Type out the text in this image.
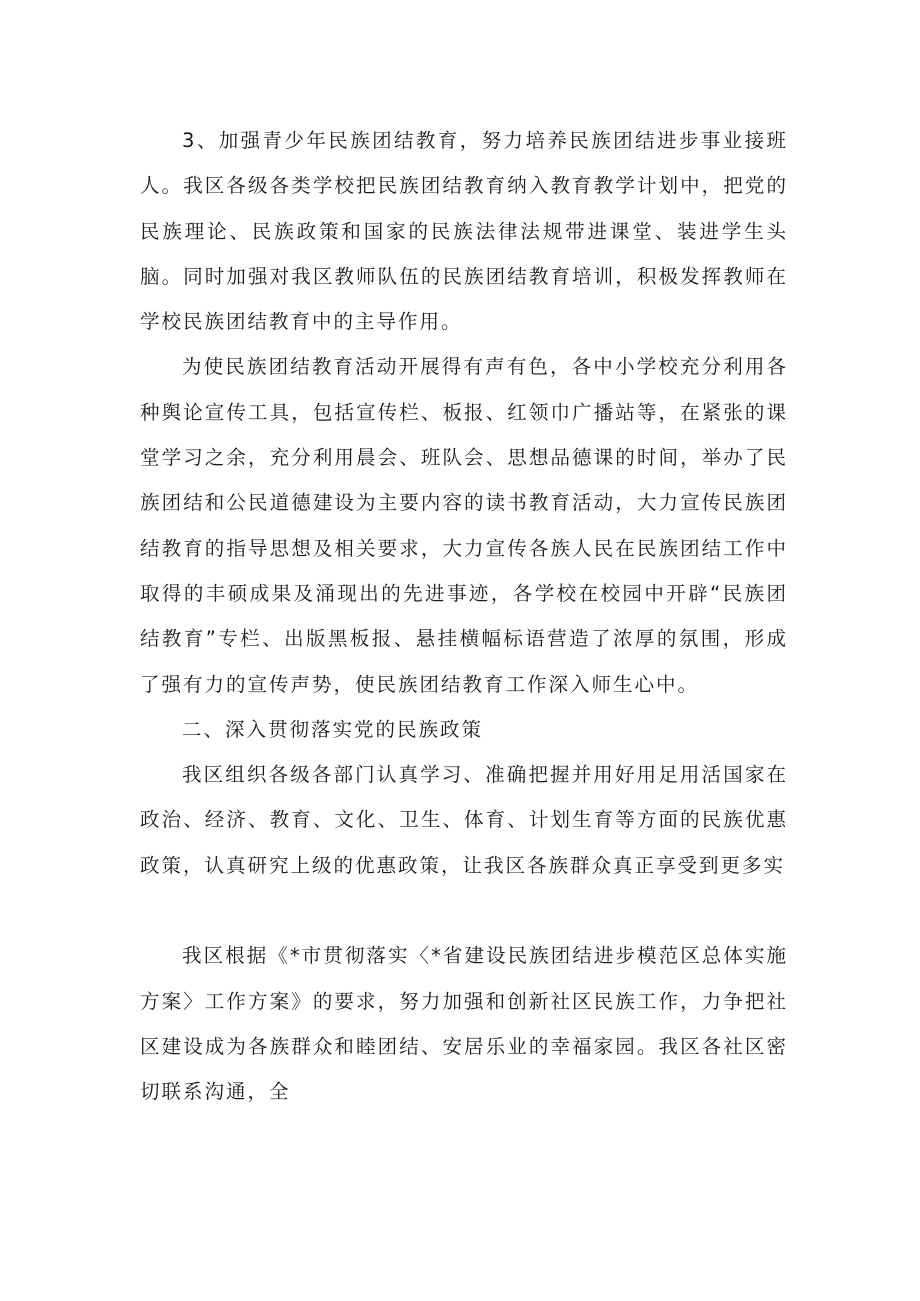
3、加强青少年民族团结教育，努力培养民族团结进步事业接班人。我区各级各类学校把民族团结教育纳入教育教学计划中，把党的民族理论、民族政策和国家的民族法律法规带进课堂、装进学生头脑。同时加强对我区教师队伍的民族团结教育培训，积极发挥教师在学校民族团结教育中的主导作用。

为使民族团结教育活动开展得有声有色，各中小学校充分利用各种舆论宣传工具，包括宣传栏、板报、红领巾广播站等，在紧张的课堂学习之余，充分利用晨会、班队会、思想品德课的时间，举办了民族团结和公民道德建设为主要内容的读书教育活动，大力宣传民族团结教育的指导思想及相关要求，大力宣传各族人民在民族团结工作中取得的丰硕成果及涌现出的先进事迹，各学校在校园中开辟“民族团结教育”专栏、出版黑板报、悬挂横幅标语营造了浓厚的氛围，形成了强有力的宣传声势，使民族团结教育工作深入师生心中。

二、深入贯彻落实党的民族政策

我区组织各级各部门认真学习、准确把握并用好用足用活国家在政治、经济、教育、文化、卫生、体育、计划生育等方面的民族优惠政策，认真研究上级的优惠政策，让我区各族群众真正享受到更多实

我区根据《*市贯彻落实〈*省建设民族团结进步模范区总体实施方案〉工作方案》的要求，努力加强和创新社区民族工作，力争把社区建设成为各族群众和睦团结、安居乐业的幸福家园。我区各社区密切联系沟通，全
